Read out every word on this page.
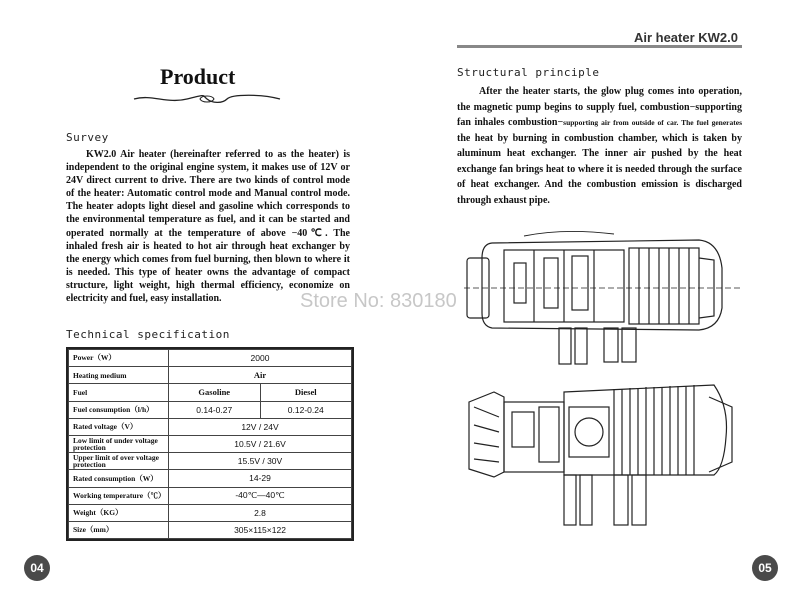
Air heater KW2.0
Product
Survey

KW2.0 Air heater (hereinafter referred to as the heater) is independent to the original engine system, it makes use of 12V or 24V direct current to drive. There are two kinds of control mode of the heater: Automatic control mode and Manual control mode. The heater adopts light diesel and gasoline which corresponds to the environmental temperature as fuel, and it can be started and operated normally at the temperature of above −40℃. The inhaled fresh air is heated to hot air through heat exchanger by the energy which comes from fuel burning, then blown to where it is needed. This type of heater owns the advantage of compact structure, light weight, high thermal efficiency, economize on electricity and fuel, easy installation.

Technical specification
Power（W）	2000	
Heating medium	Air	
Fuel	Gasoline	Diesel
Fuel consumption（l/h）	0.14-0.27	0.12-0.24
Rated voltage（V）	12V / 24V	
Low limit of under voltage protection	10.5V / 21.6V	
Upper limit of over voltage protection	15.5V / 30V	
Rated consumption（W）	14-29	
Working temperature（℃）	-40℃—40℃	
Weight（KG）	2.8	
Size（mm）	305×115×122	
04
Structural principle

After the heater starts, the glow plug comes into operation, the magnetic pump begins to supply fuel, combustion−supporting fan inhales combustion−supporting air from outside of car. The fuel generates the heat by burning in combustion chamber, which is taken by aluminum heat exchanger. The inner air pushed by the heat exchange fan brings heat to where it is needed through the surface of heat exchanger. And the combustion emission is discharged through exhaust pipe.

Store No: 830180
05
